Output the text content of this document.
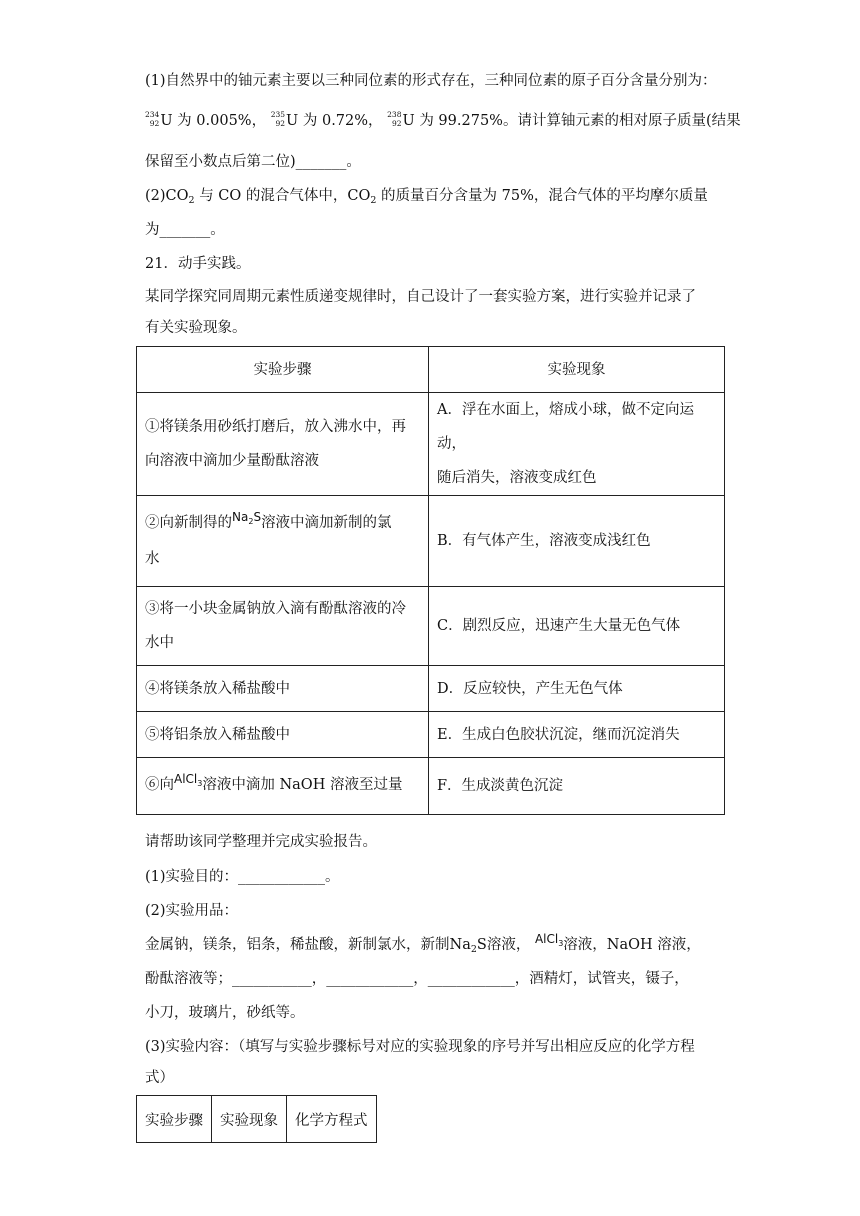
(1)自然界中的铀元素主要以三种同位素的形式存在，三种同位素的原子百分含量分别为：
234
92 U 为 0.005%， 235
92 U 为 0.72%， 238
92 U 为 99.275%。请计算铀元素的相对原子质量(结果
保留至小数点后第二位)_______。
$(2)CO_2$ 与 CO 的混合气体中，$CO_2$ 的质量百分含量为 75%，混合气体的平均摩尔质量
为_______。
21．动手实践。
某同学探究同周期元素性质递变规律时，自己设计了一套实验方案，进行实验并记录了
有关实验现象。
实验步骤	实验现象
①将镁条用砂纸打磨后，放入沸水中，再
向溶液中滴加少量酚酞溶液	A．浮在水面上，熔成小球，做不定向运动，
随后消失，溶液变成红色
②向新制得的$^{Na_2S}$溶液中滴加新制的氯
水	B．有气体产生，溶液变成浅红色
③将一小块金属钠放入滴有酚酞溶液的冷
水中	C．剧烈反应，迅速产生大量无色气体
④将镁条放入稀盐酸中	D．反应较快，产生无色气体
⑤将铝条放入稀盐酸中	E．生成白色胶状沉淀，继而沉淀消失
⑥向$^{AlCl_3}$溶液中滴加 NaOH 溶液至过量	F．生成淡黄色沉淀
请帮助该同学整理并完成实验报告。
(1)实验目的：____________。
(2)实验用品：
金属钠，镁条，铝条，稀盐酸，新制氯水，新制$Na_2S$溶液， $^{AlCl_3}$溶液，NaOH 溶液，
酚酞溶液等；___________，____________，____________，酒精灯，试管夹，镊子，
小刀，玻璃片，砂纸等。
(3)实验内容：（填写与实验步骤标号对应的实验现象的序号并写出相应反应的化学方程
式）
实验步骤	实验现象	化学方程式
